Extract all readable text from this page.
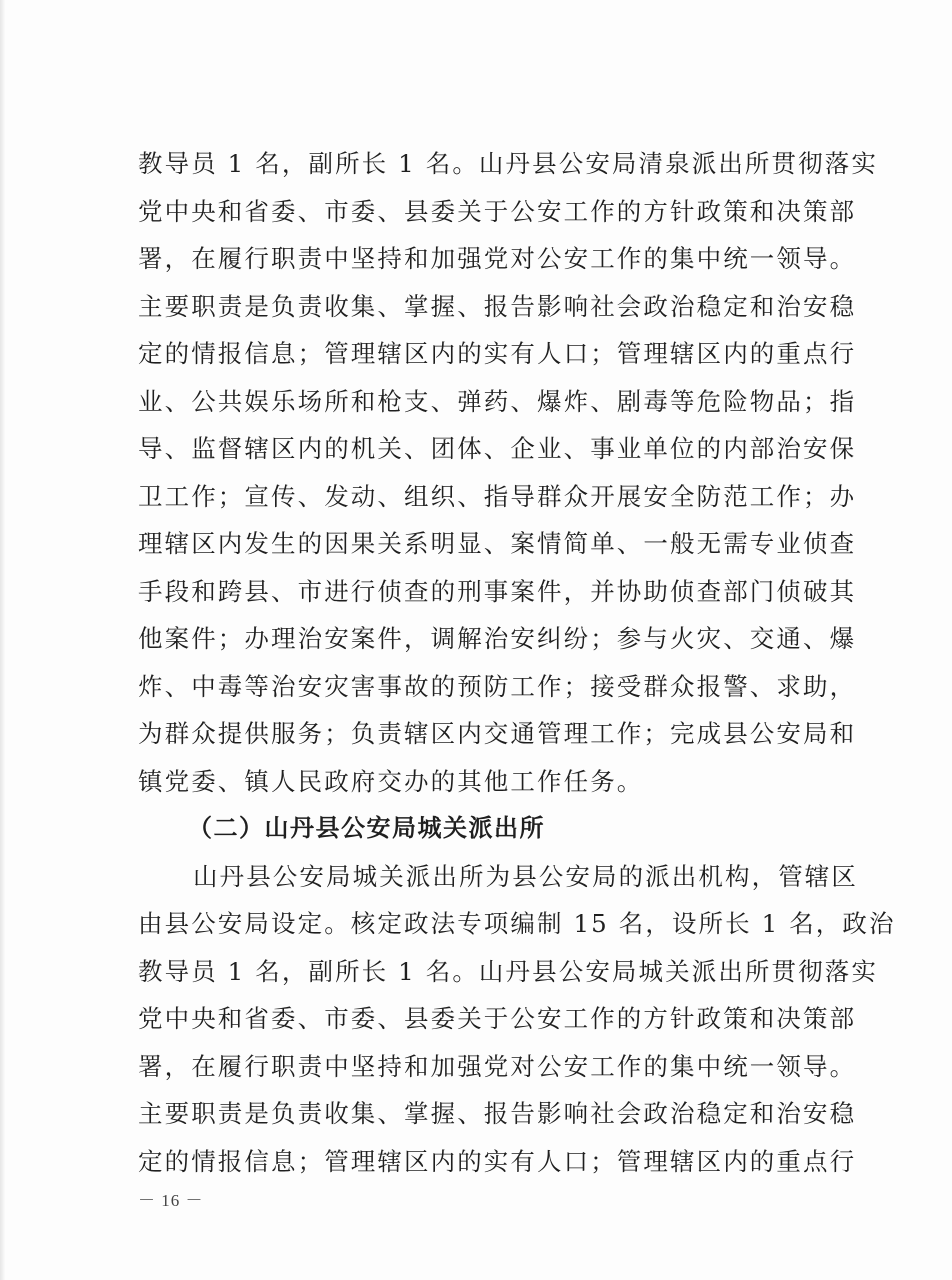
教导员 1 名，副所长 1 名。山丹县公安局清泉派出所贯彻落实
党中央和省委、市委、县委关于公安工作的方针政策和决策部
署，在履行职责中坚持和加强党对公安工作的集中统一领导。
主要职责是负责收集、掌握、报告影响社会政治稳定和治安稳
定的情报信息；管理辖区内的实有人口；管理辖区内的重点行
业、公共娱乐场所和枪支、弹药、爆炸、剧毒等危险物品；指
导、监督辖区内的机关、团体、企业、事业单位的内部治安保
卫工作；宣传、发动、组织、指导群众开展安全防范工作；办
理辖区内发生的因果关系明显、案情简单、一般无需专业侦查
手段和跨县、市进行侦查的刑事案件，并协助侦查部门侦破其
他案件；办理治安案件，调解治安纠纷；参与火灾、交通、爆
炸、中毒等治安灾害事故的预防工作；接受群众报警、求助，
为群众提供服务；负责辖区内交通管理工作；完成县公安局和
镇党委、镇人民政府交办的其他工作任务。
（二）山丹县公安局城关派出所
山丹县公安局城关派出所为县公安局的派出机构，管辖区
由县公安局设定。核定政法专项编制 15 名，设所长 1 名，政治
教导员 1 名，副所长 1 名。山丹县公安局城关派出所贯彻落实
党中央和省委、市委、县委关于公安工作的方针政策和决策部
署，在履行职责中坚持和加强党对公安工作的集中统一领导。
主要职责是负责收集、掌握、报告影响社会政治稳定和治安稳
定的情报信息；管理辖区内的实有人口；管理辖区内的重点行
－ 16 －
